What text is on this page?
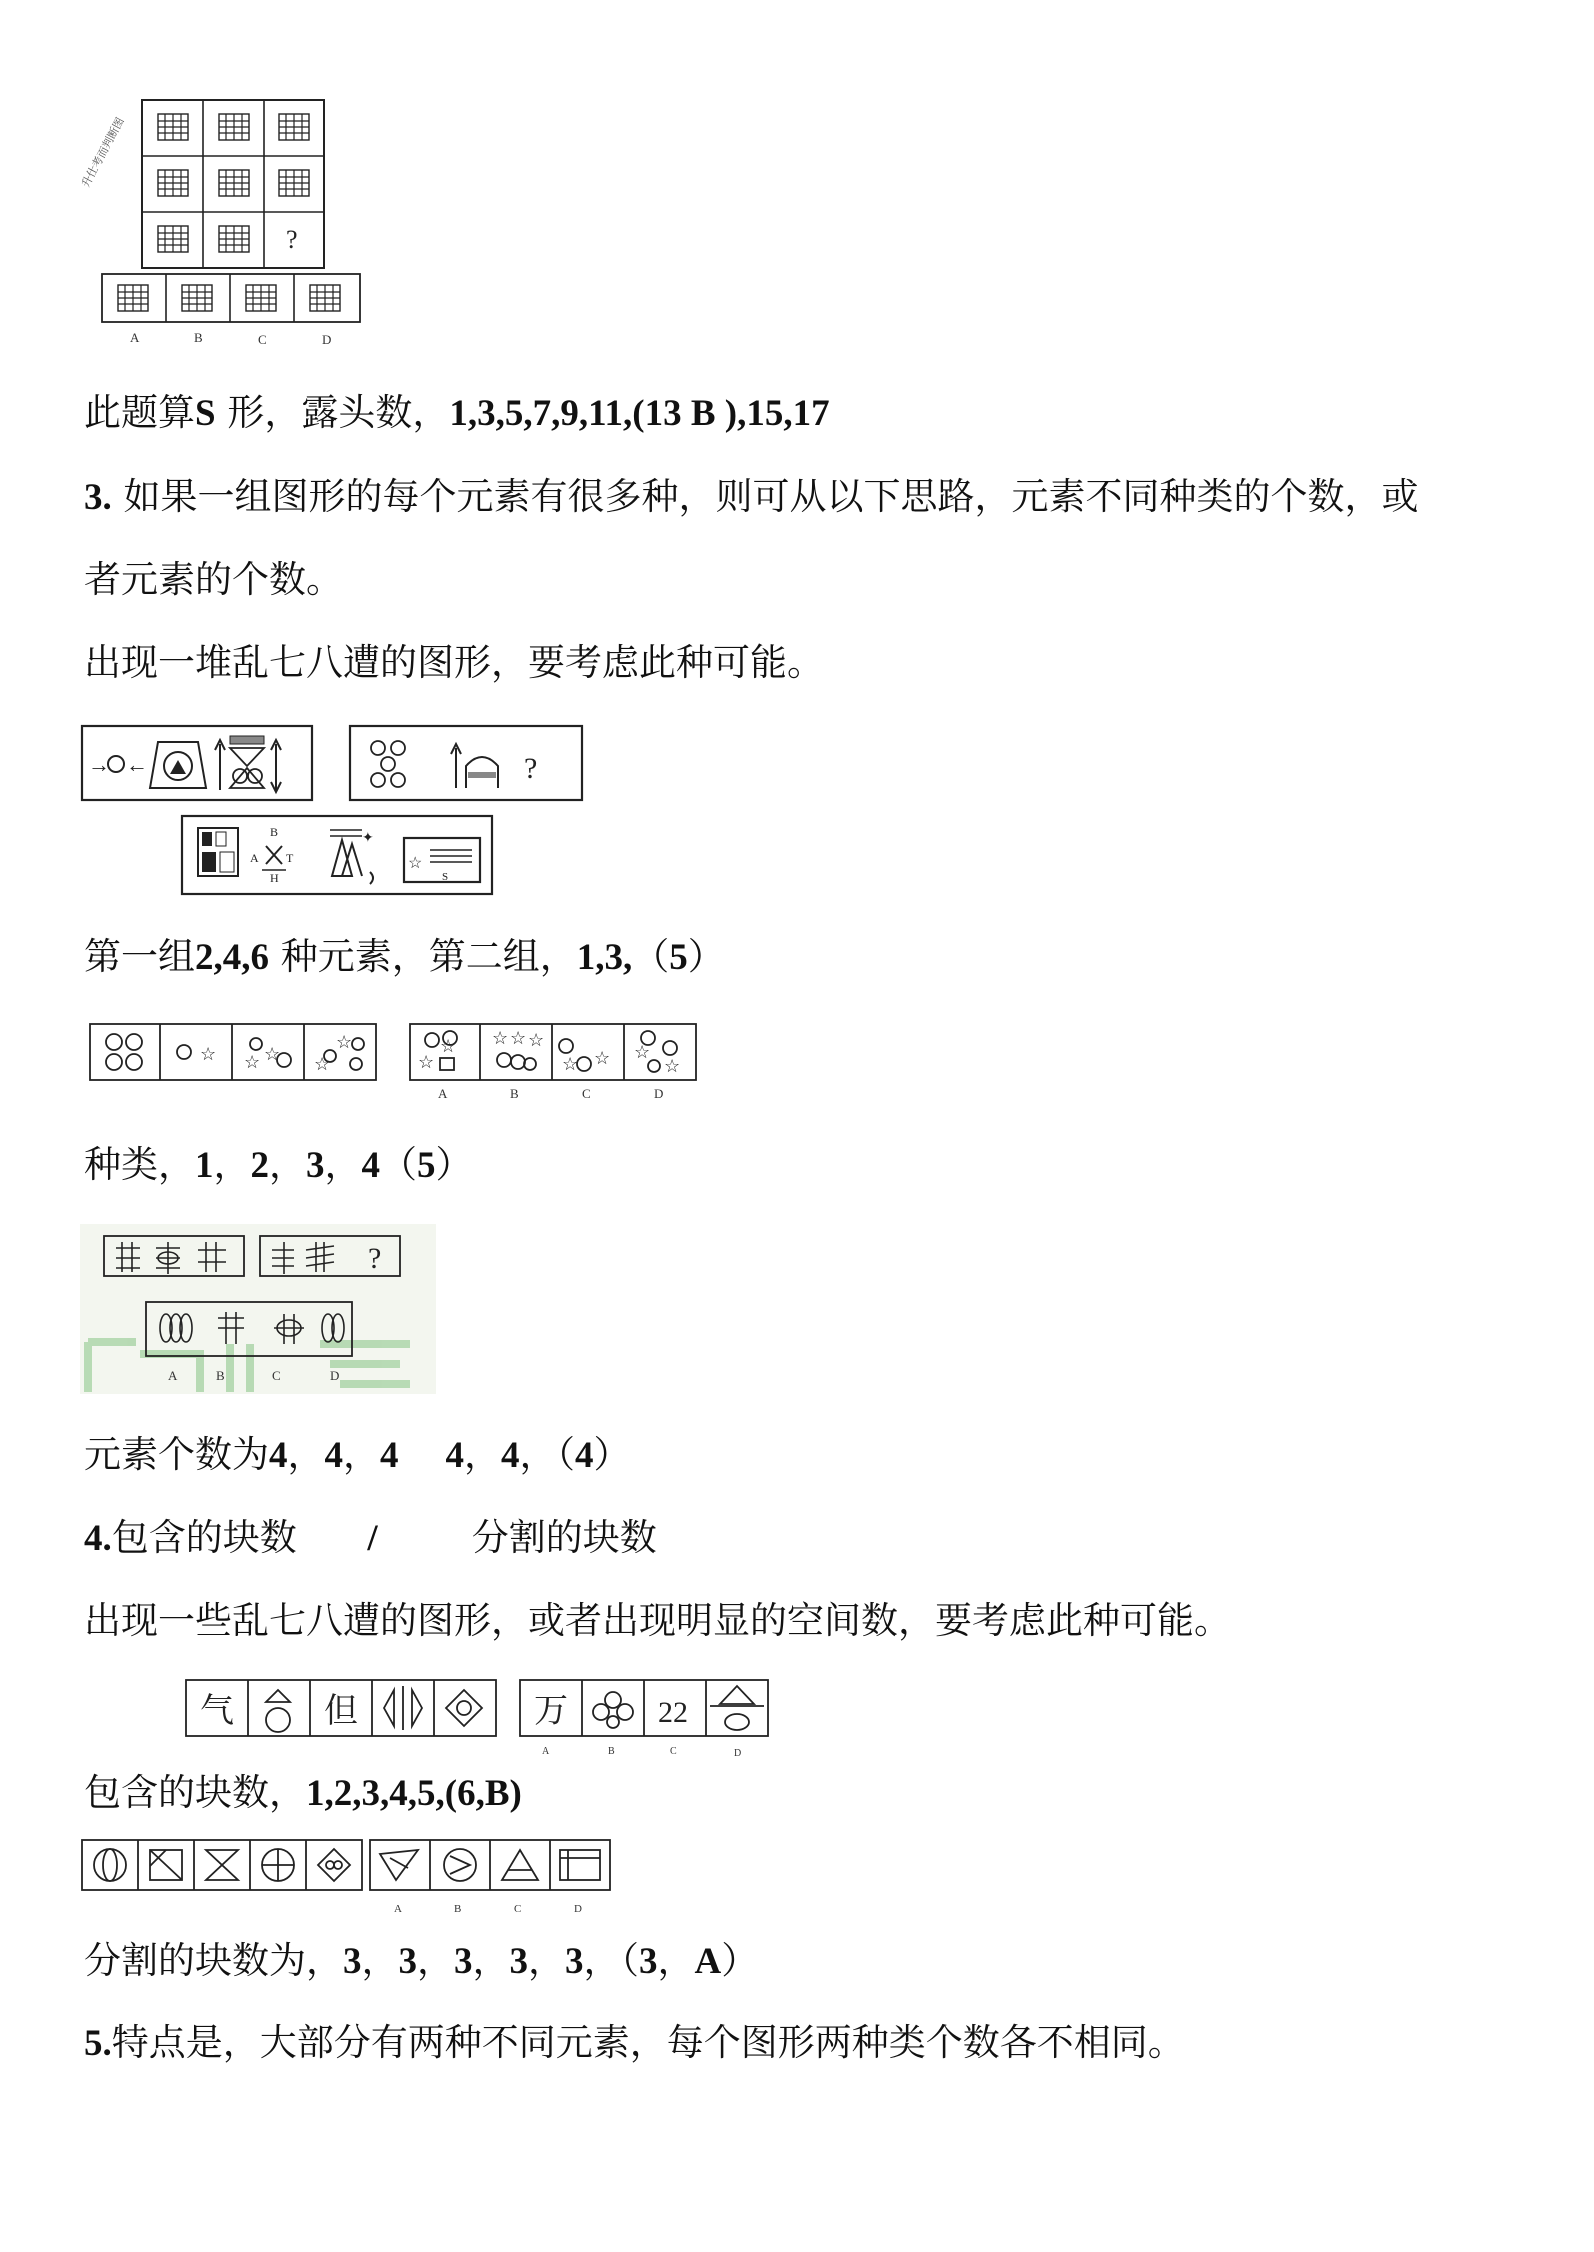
升仕考而判断图
?
A	B	C	D
此题算S 形，露头数，1,3,5,7,9,11,(13 B ),15,17
3. 如果一组图形的每个元素有很多种，则可从以下思路，元素不同种类的个数，或
者元素的个数。
出现一堆乱七八遭的图形，要考虑此种可能。
→ ←	?
A
B
H
T
✦
☆
S
第一组2,4,6 种元素，第二组，1,3,（5）
☆	☆
☆
☆
☆	☆
☆ ☆ ☆ ☆
☆
☆
☆
☆
A	B	C	D
种类，1，2，3，4（5）
?
A	B	C	D
元素个数为4，4，4 4，4，（4）
4.包含的块数 /	分割的块数
出现一些乱七八遭的图形，或者出现明显的空间数，要考虑此种可能。
气	但	万	22
A	B	C	D
包含的块数，1,2,3,4,5,(6,B)
A	B	C	D
分割的块数为，3，3，3，3，3，（3，A）
5.特点是，大部分有两种不同元素，每个图形两种类个数各不相同。
